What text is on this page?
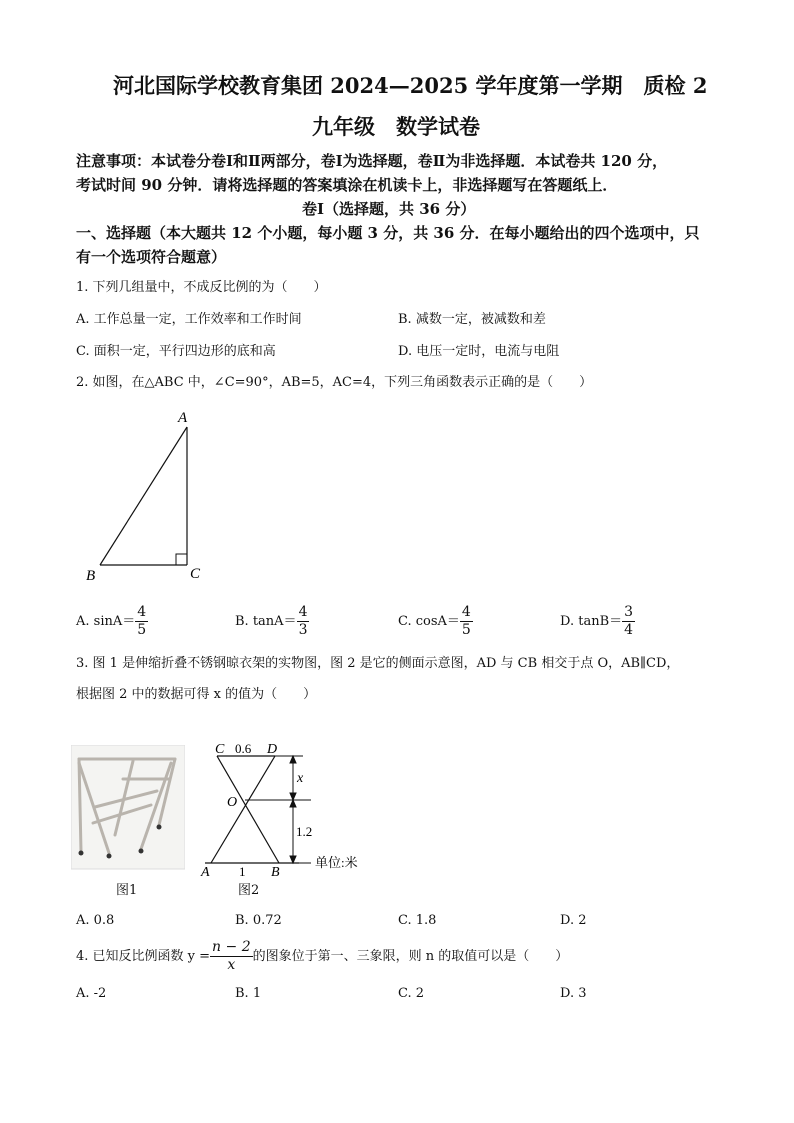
河北国际学校教育集团 2024—2025 学年度第一学期　质检 2
九年级　数学试卷
注意事项：本试卷分卷Ⅰ和Ⅱ两部分，卷Ⅰ为选择题，卷Ⅱ为非选择题．本试卷共 120 分，
考试时间 90 分钟．请将选择题的答案填涂在机读卡上，非选择题写在答题纸上．
卷Ⅰ（选择题，共 36 分）
一、选择题（本大题共 12 个小题，每小题 3 分，共 36 分．在每小题给出的四个选项中，只
有一个选项符合题意）
1. 下列几组量中，不成反比例的为（　　）
A. 工作总量一定，工作效率和工作时间	B. 减数一定，被减数和差
C. 面积一定，平行四边形的底和高	D. 电压一定时，电流与电阻
2. 如图，在△ABC 中，∠C=90°，AB=5，AC=4，下列三角函数表示正确的是（　　）
A
B	C
A. $\sin A= \frac{4}{5}$	B. $\tan A= \frac{4}{3}$	C. $\cos A= \frac{4}{5}$	D. $\tan B= \frac{3}{4}$
3. 图 1 是伸缩折叠不锈钢晾衣架的实物图，图 2 是它的侧面示意图，AD 与 CB 相交于点 O，AB∥CD，
根据图 2 中的数据可得 x 的值为（　　）
图1
C 0.6 D
x
O
1.2
A 1 B
单位:米
图2
A. 0.8	B. 0.72	C. 1.8	D. 2
4. 已知反比例函数 $y = \frac{n - 2}{x}$ 的图象位于第一、三象限，则 n 的取值可以是（　　）
A. -2	B. 1	C. 2	D. 3
